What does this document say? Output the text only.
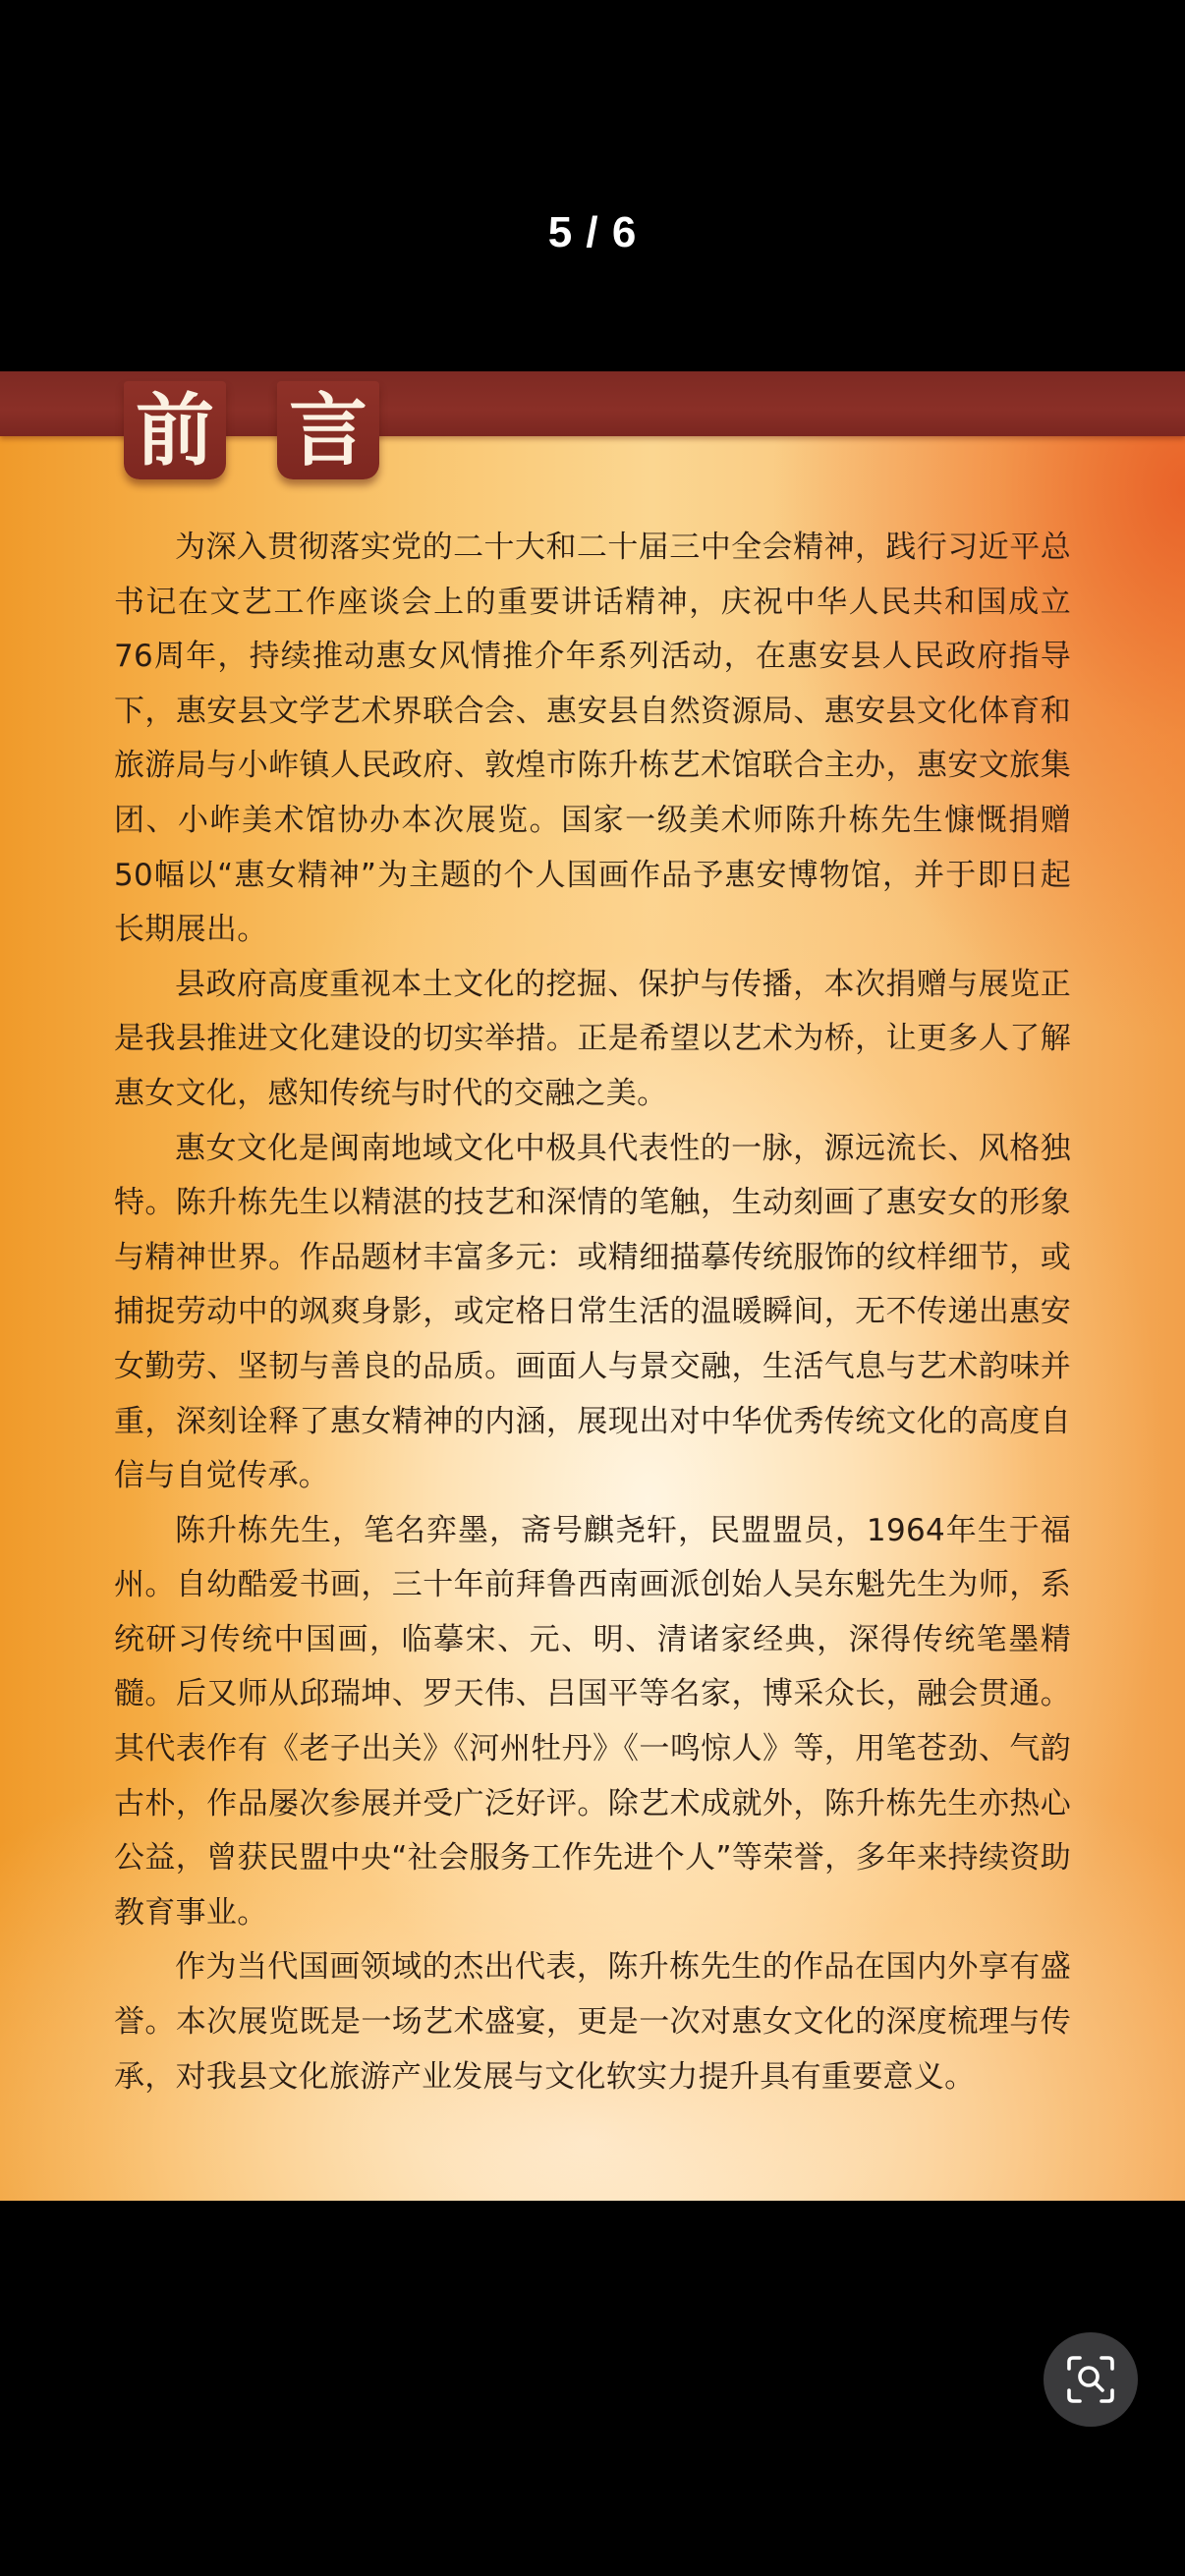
5 / 6
前 言

为深入贯彻落实党的二十大和二十届三中全会精神，践行习近平总书记在文艺工作座谈会上的重要讲话精神，庆祝中华人民共和国成立76周年，持续推动惠女风情推介年系列活动，在惠安县人民政府指导下，惠安县文学艺术界联合会、惠安县自然资源局、惠安县文化体育和旅游局与小岞镇人民政府、敦煌市陈升栋艺术馆联合主办，惠安文旅集团、小岞美术馆协办本次展览。国家一级美术师陈升栋先生慷慨捐赠50幅以“惠女精神”为主题的个人国画作品予惠安博物馆，并于即日起长期展出。

县政府高度重视本土文化的挖掘、保护与传播，本次捐赠与展览正是我县推进文化建设的切实举措。正是希望以艺术为桥，让更多人了解惠女文化，感知传统与时代的交融之美。

惠女文化是闽南地域文化中极具代表性的一脉，源远流长、风格独特。陈升栋先生以精湛的技艺和深情的笔触，生动刻画了惠安女的形象与精神世界。作品题材丰富多元：或精细描摹传统服饰的纹样细节，或捕捉劳动中的飒爽身影，或定格日常生活的温暖瞬间，无不传递出惠安女勤劳、坚韧与善良的品质。画面人与景交融，生活气息与艺术韵味并重，深刻诠释了惠女精神的内涵，展现出对中华优秀传统文化的高度自信与自觉传承。

陈升栋先生，笔名弈墨，斋号麒尧轩，民盟盟员，1964年生于福州。自幼酷爱书画，三十年前拜鲁西南画派创始人吴东魁先生为师，系统研习传统中国画，临摹宋、元、明、清诸家经典，深得传统笔墨精髓。后又师从邱瑞坤、罗天伟、吕国平等名家，博采众长，融会贯通。其代表作有《老子出关》《河州牡丹》《一鸣惊人》等，用笔苍劲、气韵古朴，作品屡次参展并受广泛好评。除艺术成就外，陈升栋先生亦热心公益，曾获民盟中央“社会服务工作先进个人”等荣誉，多年来持续资助教育事业。

作为当代国画领域的杰出代表，陈升栋先生的作品在国内外享有盛誉。本次展览既是一场艺术盛宴，更是一次对惠女文化的深度梳理与传承，对我县文化旅游产业发展与文化软实力提升具有重要意义。
